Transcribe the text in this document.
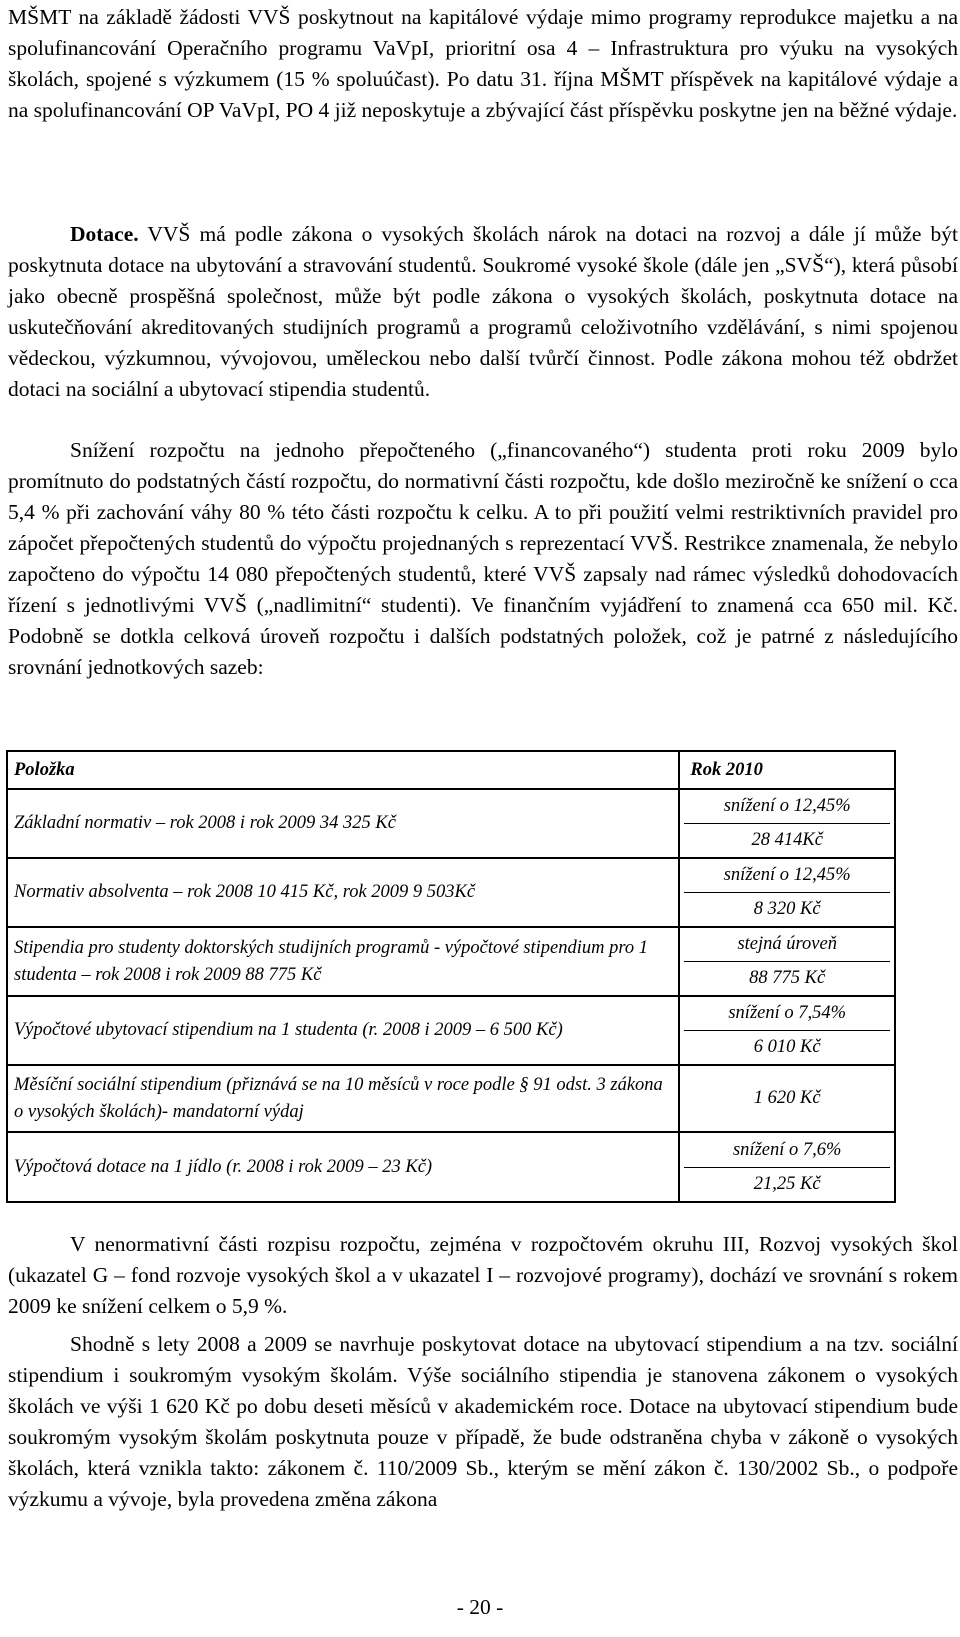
MŠMT na základě žádosti VVŠ poskytnout na kapitálové výdaje mimo programy reprodukce majetku a na spolufinancování Operačního programu VaVpI, prioritní osa 4 – Infrastruktura pro výuku na vysokých školách, spojené s výzkumem (15 % spoluúčast). Po datu 31. října MŠMT příspěvek na kapitálové výdaje a na spolufinancování OP VaVpI, PO 4 již neposkytuje a zbývající část příspěvku poskytne jen na běžné výdaje.

Dotace. VVŠ má podle zákona o vysokých školách nárok na dotaci na rozvoj a dále jí může být poskytnuta dotace na ubytování a stravování studentů. Soukromé vysoké škole (dále jen „SVŠ“), která působí jako obecně prospěšná společnost, může být podle zákona o vysokých školách, poskytnuta dotace na uskutečňování akreditovaných studijních programů a programů celoživotního vzdělávání, s nimi spojenou vědeckou, výzkumnou, vývojovou, uměleckou nebo další tvůrčí činnost. Podle zákona mohou též obdržet dotaci na sociální a ubytovací stipendia studentů.

Snížení rozpočtu na jednoho přepočteného („financovaného“) studenta proti roku 2009 bylo promítnuto do podstatných částí rozpočtu, do normativní části rozpočtu, kde došlo meziročně ke snížení o cca 5,4 % při zachování váhy 80 % této části rozpočtu k celku. A to při použití velmi restriktivních pravidel pro zápočet přepočtených studentů do výpočtu projednaných s reprezentací VVŠ. Restrikce znamenala, že nebylo započteno do výpočtu 14 080 přepočtených studentů, které VVŠ zapsaly nad rámec výsledků dohodovacích řízení s jednotlivými VVŠ („nadlimitní“ studenti). Ve finančním vyjádření to znamená cca 650 mil. Kč. Podobně se dotkla celková úroveň rozpočtu i dalších podstatných položek, což je patrné z následujícího srovnání jednotkových sazeb:

Položka	Rok 2010
Základní normativ – rok 2008 i rok 2009 34 325 Kč	snížení o 12,45%
28 414Kč

Normativ absolventa – rok 2008 10 415 Kč, rok 2009 9 503Kč	snížení o 12,45%
8 320 Kč

Stipendia pro studenty doktorských studijních programů - výpočtové stipendium pro 1 studenta – rok 2008 i rok 2009 88 775 Kč	stejná úroveň
88 775 Kč

Výpočtové ubytovací stipendium na 1 studenta (r. 2008 i 2009 – 6 500 Kč)	snížení o 7,54%
6 010 Kč

Měsíční sociální stipendium (přiznává se na 10 měsíců v roce podle § 91 odst. 3 zákona o vysokých školách)- mandatorní výdaj	1 620 Kč

Výpočtová dotace na 1 jídlo (r. 2008 i rok 2009 – 23 Kč)	snížení o 7,6%
21,25 Kč

V nenormativní části rozpisu rozpočtu, zejména v rozpočtovém okruhu III, Rozvoj vysokých škol (ukazatel G – fond rozvoje vysokých škol a v ukazatel I – rozvojové programy), dochází ve srovnání s rokem 2009 ke snížení celkem o 5,9 %.

Shodně s lety 2008 a 2009 se navrhuje poskytovat dotace na ubytovací stipendium a na tzv. sociální stipendium i soukromým vysokým školám. Výše sociálního stipendia je stanovena zákonem o vysokých školách ve výši 1 620 Kč po dobu deseti měsíců v akademickém roce. Dotace na ubytovací stipendium bude soukromým vysokým školám poskytnuta pouze v případě, že bude odstraněna chyba v zákoně o vysokých školách, která vznikla takto: zákonem č. 110/2009 Sb., kterým se mění zákon č. 130/2002 Sb., o podpoře výzkumu a vývoje, byla provedena změna zákona

- 20 -
